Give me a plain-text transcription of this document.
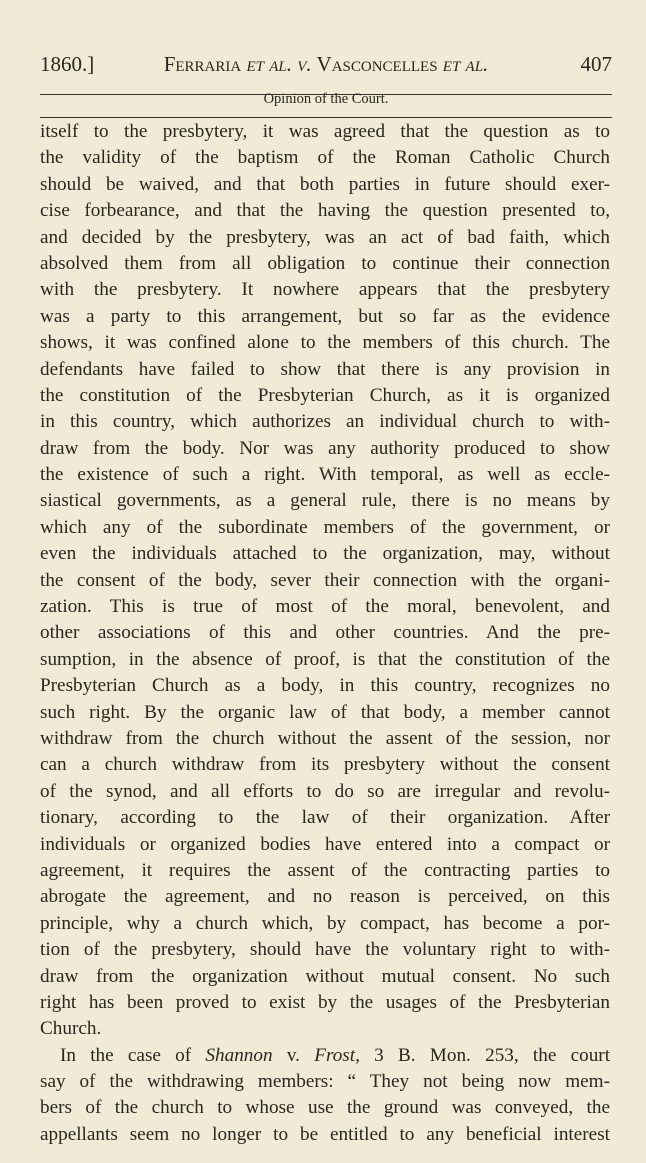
1860.]	Ferraria et al. v. Vasconcelles et al.	407
Opinion of the Court.
itself to the presbytery, it was agreed that the question as to
the validity of the baptism of the Roman Catholic Church
should be waived, and that both parties in future should exer-
cise forbearance, and that the having the question presented to,
and decided by the presbytery, was an act of bad faith, which
absolved them from all obligation to continue their connection
with the presbytery. It nowhere appears that the presbytery
was a party to this arrangement, but so far as the evidence
shows, it was confined alone to the members of this church. The
defendants have failed to show that there is any provision in
the constitution of the Presbyterian Church, as it is organized
in this country, which authorizes an individual church to with-
draw from the body. Nor was any authority produced to show
the existence of such a right. With temporal, as well as eccle-
siastical governments, as a general rule, there is no means by
which any of the subordinate members of the government, or
even the individuals attached to the organization, may, without
the consent of the body, sever their connection with the organi-
zation. This is true of most of the moral, benevolent, and
other associations of this and other countries. And the pre-
sumption, in the absence of proof, is that the constitution of the
Presbyterian Church as a body, in this country, recognizes no
such right. By the organic law of that body, a member cannot
withdraw from the church without the assent of the session, nor
can a church withdraw from its presbytery without the consent
of the synod, and all efforts to do so are irregular and revolu-
tionary, according to the law of their organization. After
individuals or organized bodies have entered into a compact or
agreement, it requires the assent of the contracting parties to
abrogate the agreement, and no reason is perceived, on this
principle, why a church which, by compact, has become a por-
tion of the presbytery, should have the voluntary right to with-
draw from the organization without mutual consent. No such
right has been proved to exist by the usages of the Presbyterian
Church.
In the case of Shannon v. Frost, 3 B. Mon. 253, the court
say of the withdrawing members: “ They not being now mem-
bers of the church to whose use the ground was conveyed, the
appellants seem no longer to be entitled to any beneficial interest
